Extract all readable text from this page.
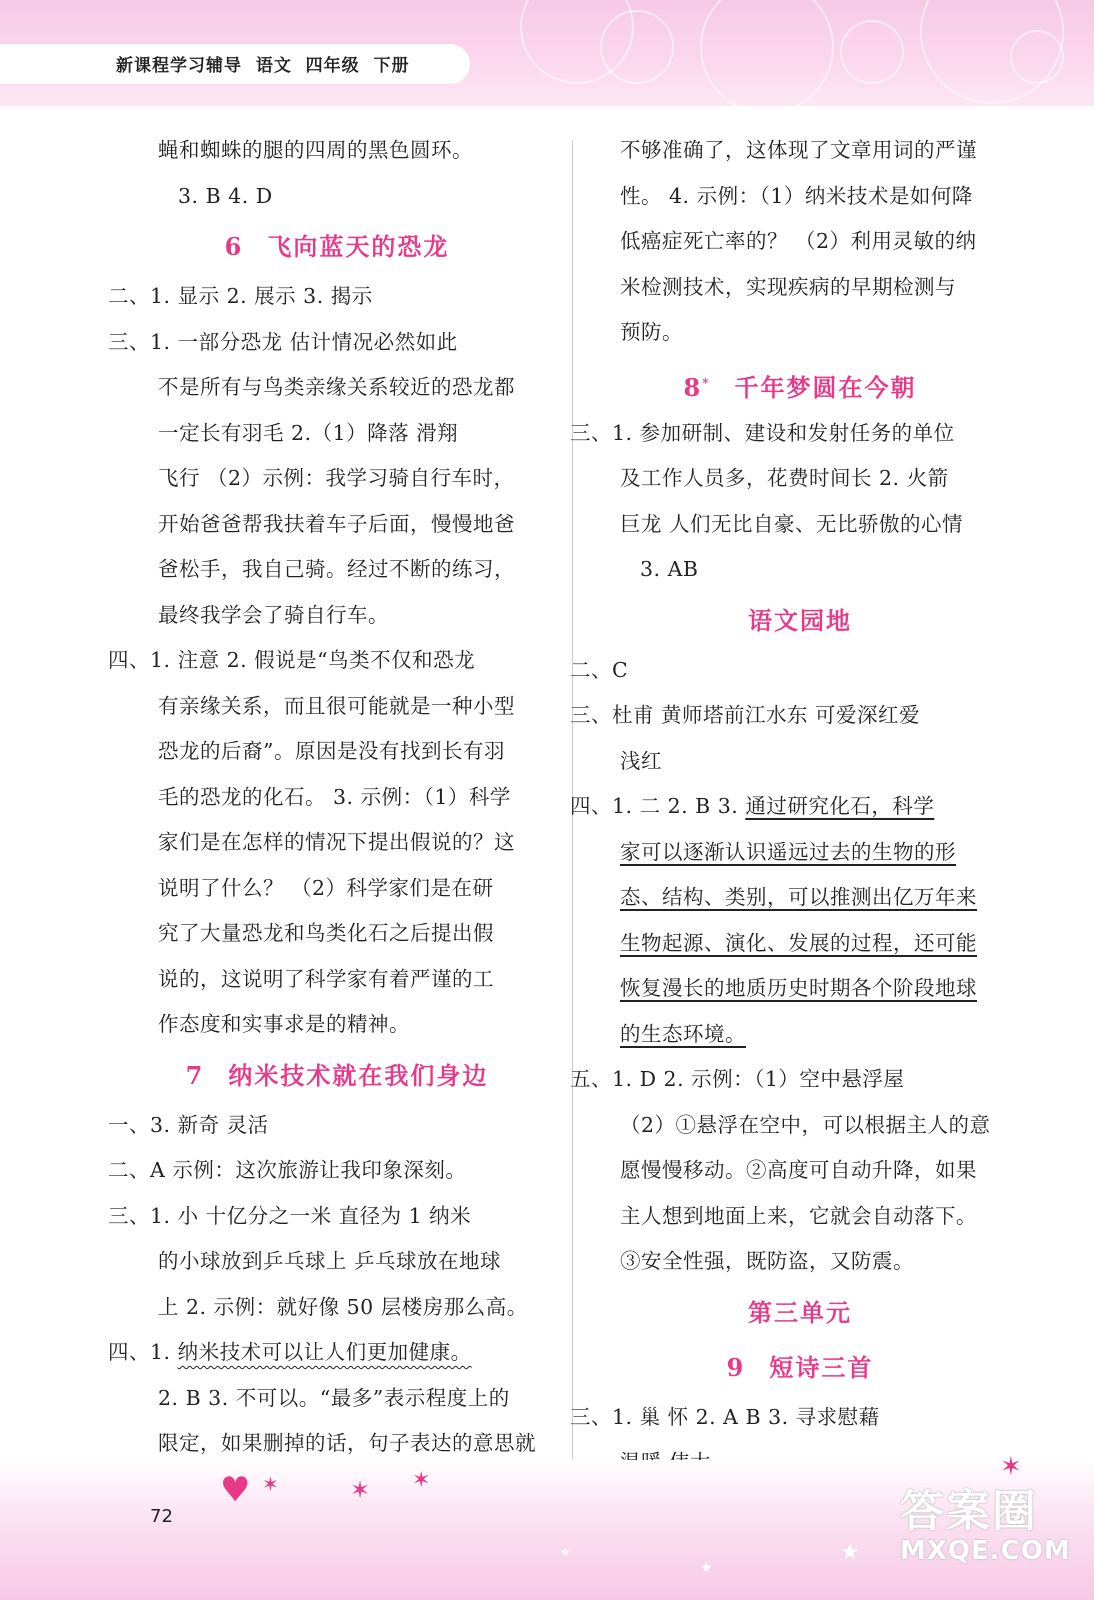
新课程学习辅导  语文  四年级  下册
蝇和蜘蛛的腿的四周的黑色圆环。
3. B 4. D
6 飞向蓝天的恐龙
二、1. 显示 2. 展示 3. 揭示
三、1. 一部分恐龙 估计情况必然如此
不是所有与鸟类亲缘关系较近的恐龙都
一定长有羽毛 2.（1）降落 滑翔
飞行 （2）示例：我学习骑自行车时，
开始爸爸帮我扶着车子后面，慢慢地爸
爸松手，我自己骑。经过不断的练习，
最终我学会了骑自行车。
四、1. 注意 2. 假说是“鸟类不仅和恐龙
有亲缘关系，而且很可能就是一种小型
恐龙的后裔”。原因是没有找到长有羽
毛的恐龙的化石。 3. 示例：（1）科学
家们是在怎样的情况下提出假说的？这
说明了什么？ （2）科学家们是在研
究了大量恐龙和鸟类化石之后提出假
说的，这说明了科学家有着严谨的工
作态度和实事求是的精神。
7 纳米技术就在我们身边
一、3. 新奇 灵活
二、A 示例：这次旅游让我印象深刻。
三、1. 小 十亿分之一米 直径为 1 纳米
的小球放到乒乓球上 乒乓球放在地球
上 2. 示例：就好像 50 层楼房那么高。
四、1. 纳米技术可以让人们更加健康。
2. B 3. 不可以。“最多”表示程度上的
限定，如果删掉的话，句子表达的意思就
不够准确了，这体现了文章用词的严谨
性。 4. 示例：（1）纳米技术是如何降
低癌症死亡率的？ （2）利用灵敏的纳
米检测技术，实现疾病的早期检测与
预防。
8* 千年梦圆在今朝
三、1. 参加研制、建设和发射任务的单位
及工作人员多，花费时间长 2. 火箭
巨龙 人们无比自豪、无比骄傲的心情
3. AB
语文园地
二、C
三、杜甫 黄师塔前江水东 可爱深红爱
浅红
四、1. 二 2. B 3. 通过研究化石，科学
家可以逐渐认识遥远过去的生物的形
态、结构、类别，可以推测出亿万年来
生物起源、演化、发展的过程，还可能
恢复漫长的地质历史时期各个阶段地球
的生态环境。
五、1. D 2. 示例：（1）空中悬浮屋
（2）①悬浮在空中，可以根据主人的意
愿慢慢移动。②高度可自动升降，如果
主人想到地面上来，它就会自动落下。
③安全性强，既防盗，又防震。
第三单元
9 短诗三首
三、1. 巢 怀 2. A B 3. 寻求慰藉
♥ ✶	✶ ✶	✶
★
★
★
72	答案圈
MXQE.COM
